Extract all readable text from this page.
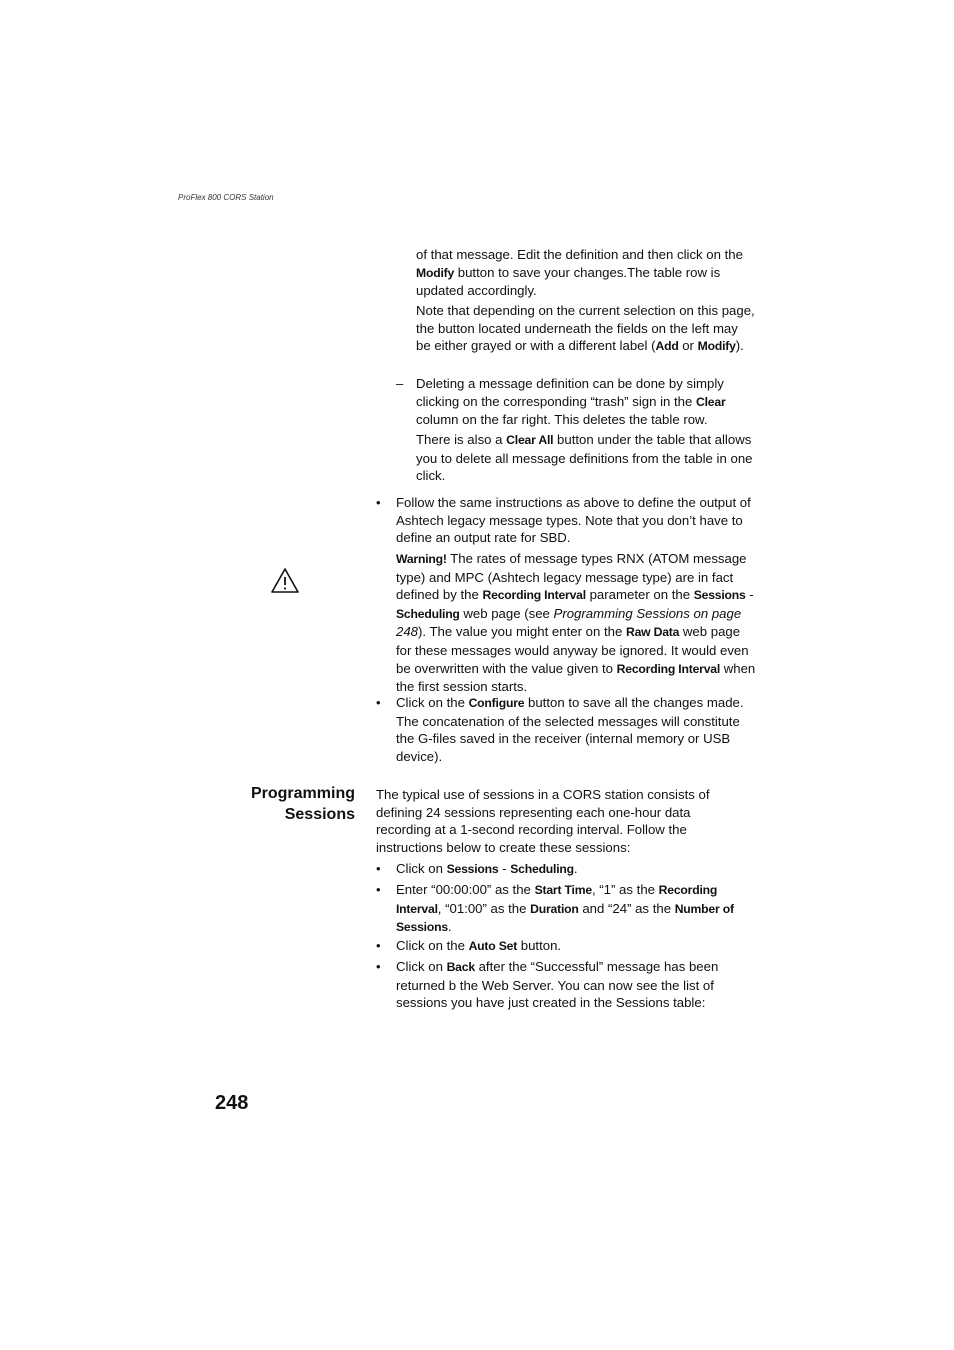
ProFlex 800 CORS Station
of that message. Edit the definition and then click on the Modify button to save your changes.The table row is updated accordingly.
Note that depending on the current selection on this page, the button located underneath the fields on the left may be either grayed or with a different label (Add or Modify).
– Deleting a message definition can be done by simply clicking on the corresponding “trash” sign in the Clear column on the far right. This deletes the table row.
There is also a Clear All button under the table that allows you to delete all message definitions from the table in one click.
• Follow the same instructions as above to define the output of Ashtech legacy message types. Note that you don’t have to define an output rate for SBD.
Warning! The rates of message types RNX (ATOM message type) and MPC (Ashtech legacy message type) are in fact defined by the Recording Interval parameter on the Sessions - Scheduling web page (see Programming Sessions on page 248). The value you might enter on the Raw Data web page for these messages would anyway be ignored. It would even be overwritten with the value given to Recording Interval when the first session starts.
• Click on the Configure button to save all the changes made. The concatenation of the selected messages will constitute the G-files saved in the receiver (internal memory or USB device).
Programming
Sessions
The typical use of sessions in a CORS station consists of defining 24 sessions representing each one-hour data recording at a 1-second recording interval. Follow the instructions below to create these sessions:
• Click on Sessions - Scheduling.
• Enter “00:00:00” as the Start Time, “1” as the Recording Interval, “01:00” as the Duration and “24” as the Number of Sessions.
• Click on the Auto Set button.
• Click on Back after the “Successful” message has been returned b the Web Server. You can now see the list of sessions you have just created in the Sessions table:
248
